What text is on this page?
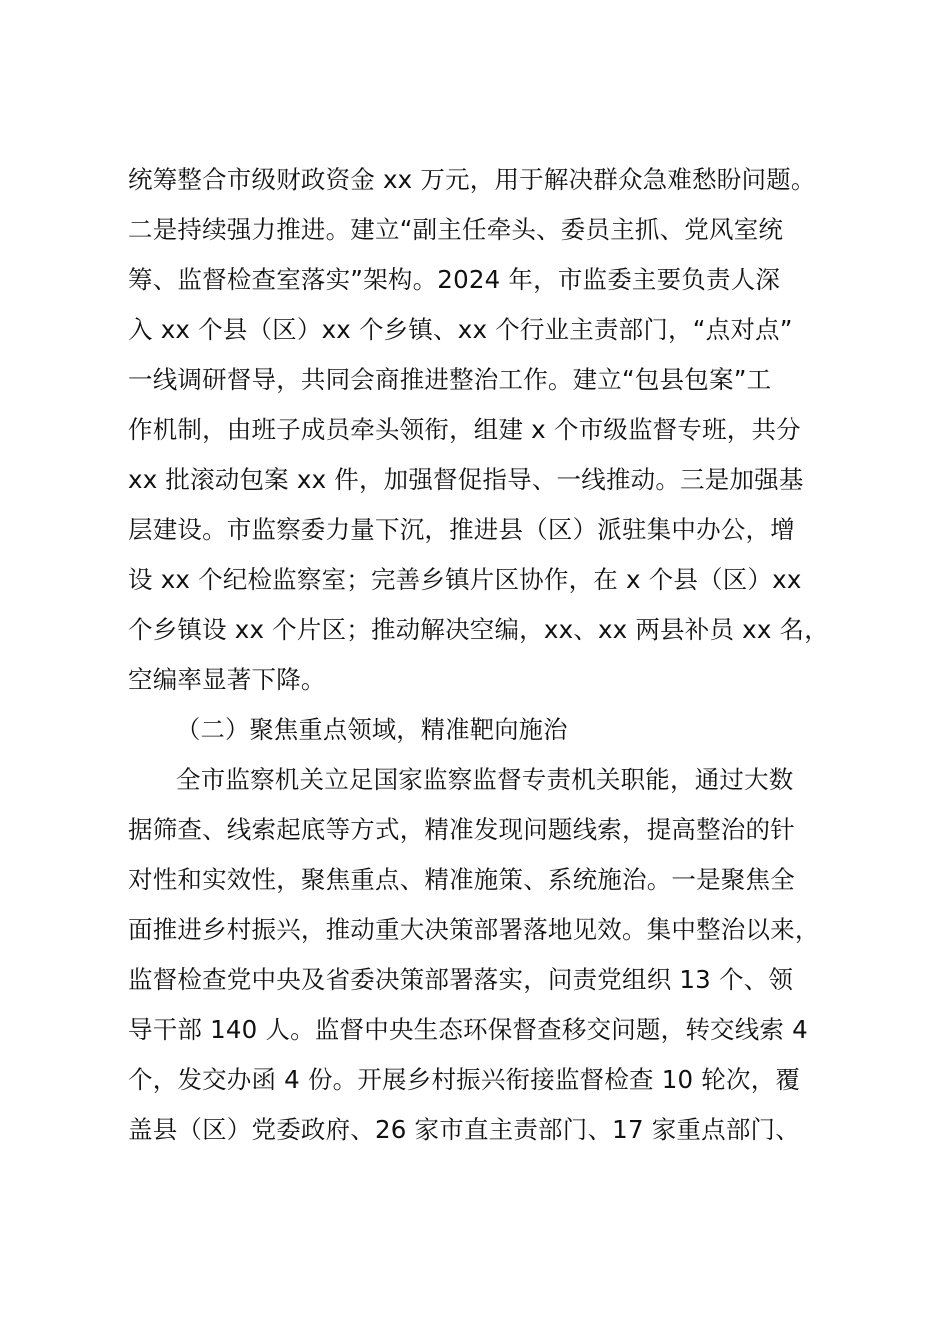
统筹整合市级财政资金 xx 万元，用于解决群众急难愁盼问题。
二是持续强力推进。建立“副主任牵头、委员主抓、党风室统
筹、监督检查室落实”架构。2024 年，市监委主要负责人深
入 xx 个县（区）xx 个乡镇、xx 个行业主责部门，“点对点”
一线调研督导，共同会商推进整治工作。建立“包县包案”工
作机制，由班子成员牵头领衔，组建 x 个市级监督专班，共分
xx 批滚动包案 xx 件，加强督促指导、一线推动。三是加强基
层建设。市监察委力量下沉，推进县（区）派驻集中办公，增
设 xx 个纪检监察室；完善乡镇片区协作，在 x 个县（区）xx
个乡镇设 xx 个片区；推动解决空编，xx、xx 两县补员 xx 名，
空编率显著下降。
（二）聚焦重点领域，精准靶向施治
全市监察机关立足国家监察监督专责机关职能，通过大数
据筛查、线索起底等方式，精准发现问题线索，提高整治的针
对性和实效性，聚焦重点、精准施策、系统施治。一是聚焦全
面推进乡村振兴，推动重大决策部署落地见效。集中整治以来，
监督检查党中央及省委决策部署落实，问责党组织 13 个、领
导干部 140 人。监督中央生态环保督查移交问题，转交线索 4
个，发交办函 4 份。开展乡村振兴衔接监督检查 10 轮次，覆
盖县（区）党委政府、26 家市直主责部门、17 家重点部门、
